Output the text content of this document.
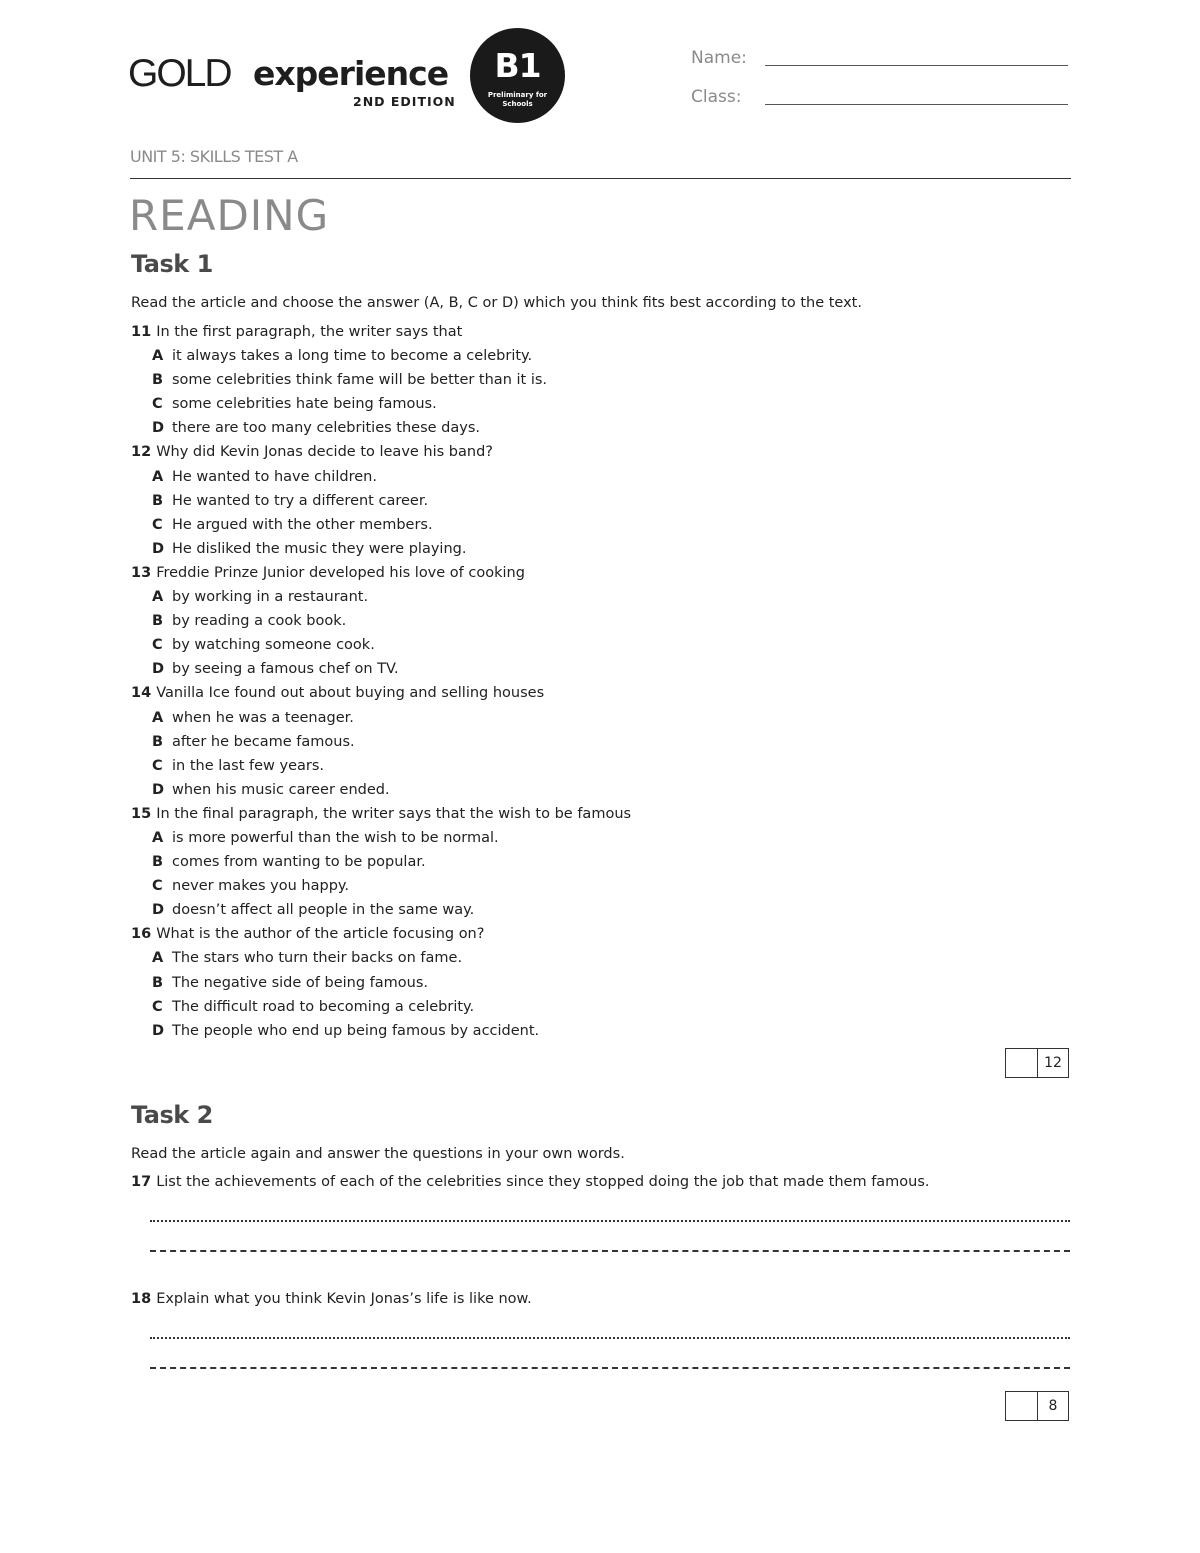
GOLD experience
2ND EDITION
B1
Preliminary for Schools
Name:
Class:
UNIT 5: SKILLS TEST A
READING
Task 1
Read the article and choose the answer (A, B, C or D) which you think fits best according to the text.
11 In the first paragraph, the writer says that
A it always takes a long time to become a celebrity.
B some celebrities think fame will be better than it is.
C some celebrities hate being famous.
D there are too many celebrities these days.
12 Why did Kevin Jonas decide to leave his band?
A He wanted to have children.
B He wanted to try a different career.
C He argued with the other members.
D He disliked the music they were playing.
13 Freddie Prinze Junior developed his love of cooking
A by working in a restaurant.
B by reading a cook book.
C by watching someone cook.
D by seeing a famous chef on TV.
14 Vanilla Ice found out about buying and selling houses
A when he was a teenager.
B after he became famous.
C in the last few years.
D when his music career ended.
15 In the final paragraph, the writer says that the wish to be famous
A is more powerful than the wish to be normal.
B comes from wanting to be popular.
C never makes you happy.
D doesn’t affect all people in the same way.
16 What is the author of the article focusing on?
A The stars who turn their backs on fame.
B The negative side of being famous.
C The difficult road to becoming a celebrity.
D The people who end up being famous by accident.
12
Task 2
Read the article again and answer the questions in your own words.
17 List the achievements of each of the celebrities since they stopped doing the job that made them famous.
18 Explain what you think Kevin Jonas’s life is like now.
8
